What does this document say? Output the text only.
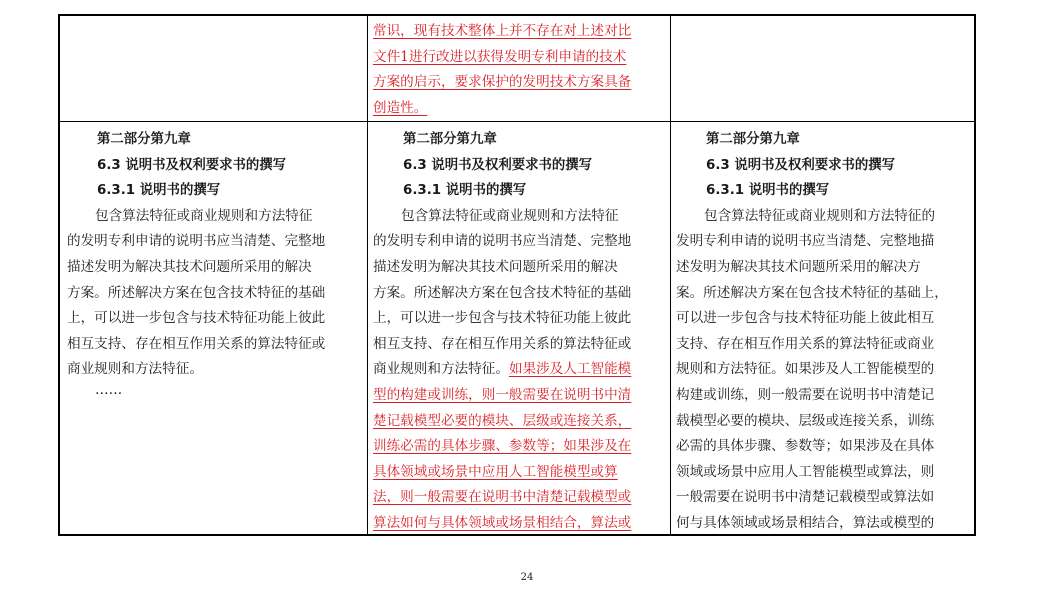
常识，现有技术整体上并不存在对上述对比
文件1进行改进以获得发明专利申请的技术
方案的启示，要求保护的发明技术方案具备
创造性。
第二部分第九章
6.3 说明书及权利要求书的撰写
6.3.1 说明书的撰写
包含算法特征或商业规则和方法特征
的发明专利申请的说明书应当清楚、完整地
描述发明为解决其技术问题所采用的解决
方案。所述解决方案在包含技术特征的基础
上，可以进一步包含与技术特征功能上彼此
相互支持、存在相互作用关系的算法特征或
商业规则和方法特征。
……
第二部分第九章
6.3 说明书及权利要求书的撰写
6.3.1 说明书的撰写
包含算法特征或商业规则和方法特征
的发明专利申请的说明书应当清楚、完整地
描述发明为解决其技术问题所采用的解决
方案。所述解决方案在包含技术特征的基础
上，可以进一步包含与技术特征功能上彼此
相互支持、存在相互作用关系的算法特征或
商业规则和方法特征。如果涉及人工智能模
型的构建或训练，则一般需要在说明书中清
楚记载模型必要的模块、层级或连接关系，
训练必需的具体步骤、参数等；如果涉及在
具体领域或场景中应用人工智能模型或算
法，则一般需要在说明书中清楚记载模型或
算法如何与具体领域或场景相结合，算法或
第二部分第九章
6.3 说明书及权利要求书的撰写
6.3.1 说明书的撰写
包含算法特征或商业规则和方法特征的
发明专利申请的说明书应当清楚、完整地描
述发明为解决其技术问题所采用的解决方
案。所述解决方案在包含技术特征的基础上，
可以进一步包含与技术特征功能上彼此相互
支持、存在相互作用关系的算法特征或商业
规则和方法特征。如果涉及人工智能模型的
构建或训练，则一般需要在说明书中清楚记
载模型必要的模块、层级或连接关系，训练
必需的具体步骤、参数等；如果涉及在具体
领域或场景中应用人工智能模型或算法，则
一般需要在说明书中清楚记载模型或算法如
何与具体领域或场景相结合，算法或模型的
24
